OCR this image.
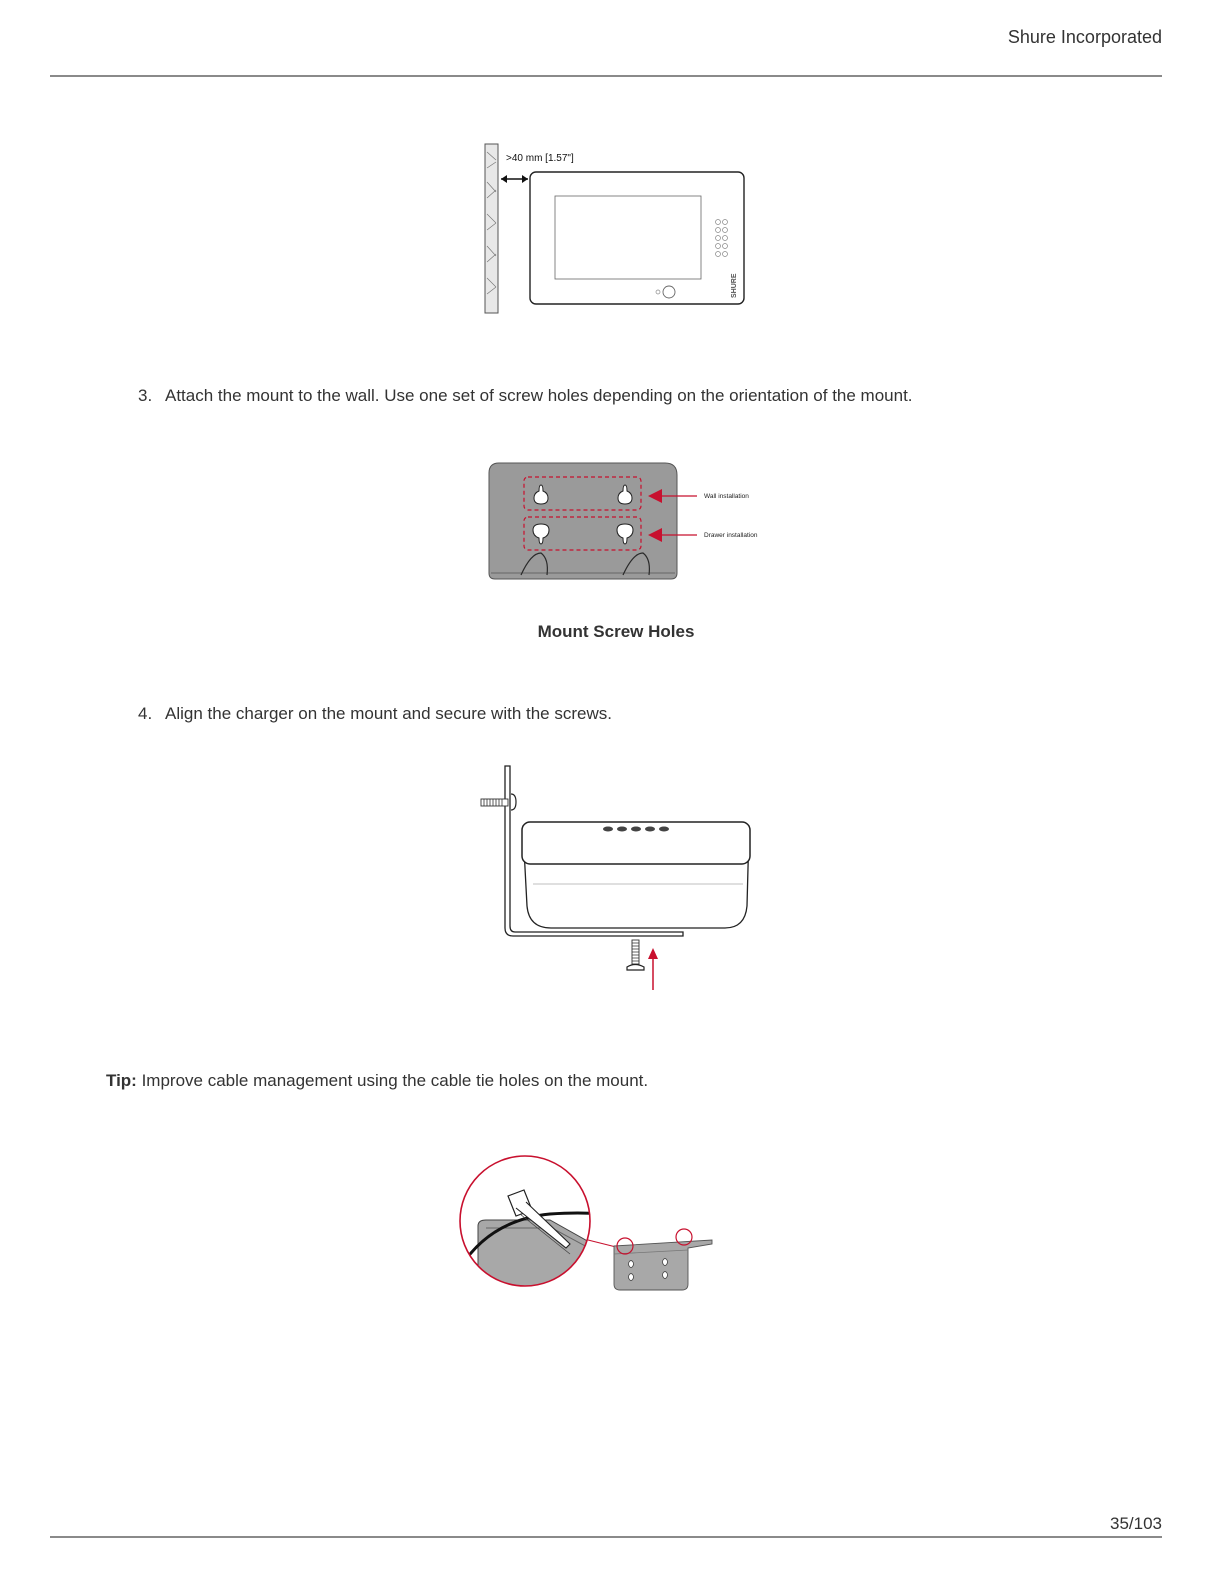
Shure Incorporated
>40 mm [1.57"]
SHURE
3. Attach the mount to the wall. Use one set of screw holes depending on the orientation of the mount.
Wall installation
Drawer installation
Mount Screw Holes
4. Align the charger on the mount and secure with the screws.
Tip: Improve cable management using the cable tie holes on the mount.
35/103
